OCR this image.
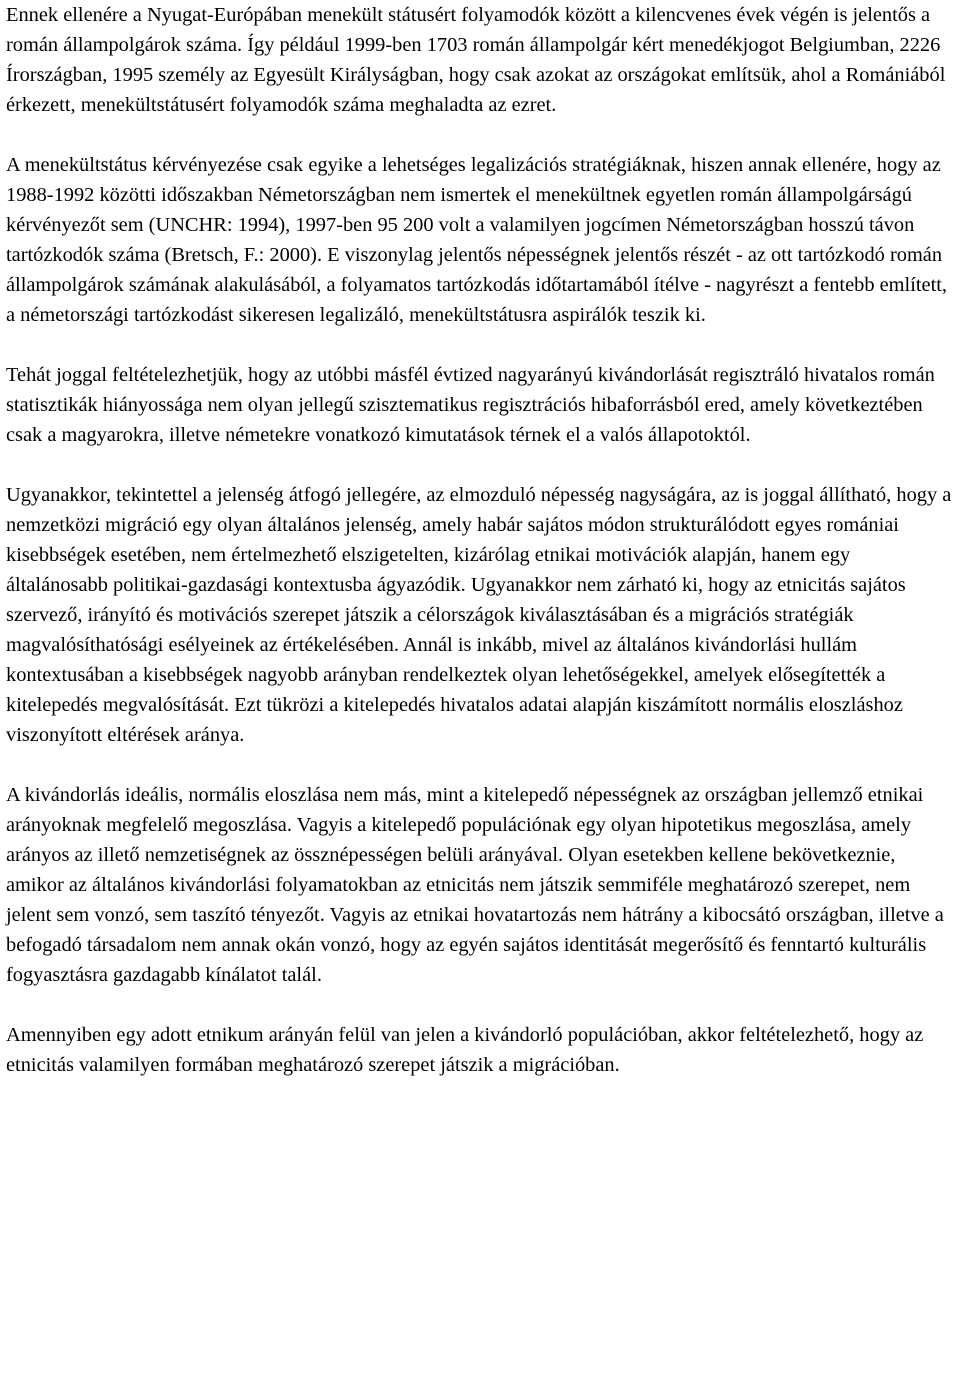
Ennek ellenére a Nyugat-Európában menekült státusért folyamodók között a kilencvenes évek végén is jelentős a román állampolgárok száma. Így például 1999-ben 1703 román állampolgár kért menedékjogot Belgiumban, 2226 Írországban, 1995 személy az Egyesült Királyságban, hogy csak azokat az országokat említsük, ahol a Romániából érkezett, menekültstátusért folyamodók száma meghaladta az ezret.

A menekültstátus kérvényezése csak egyike a lehetséges legalizációs stratégiáknak, hiszen annak ellenére, hogy az 1988-1992 közötti időszakban Németországban nem ismertek el menekültnek egyetlen román állampolgárságú kérvényezőt sem (UNCHR: 1994), 1997-ben 95 200 volt a valamilyen jogcímen Németországban hosszú távon tartózkodók száma (Bretsch, F.: 2000). E viszonylag jelentős népességnek jelentős részét - az ott tartózkodó román állampolgárok számának alakulásából, a folyamatos tartózkodás időtartamából ítélve - nagyrészt a fentebb említett, a németországi tartózkodást sikeresen legalizáló, menekültstátusra aspirálók teszik ki.

Tehát joggal feltételezhetjük, hogy az utóbbi másfél évtized nagyarányú kivándorlását regisztráló hivatalos román statisztikák hiányossága nem olyan jellegű szisztematikus regisztrációs hibaforrásból ered, amely következtében csak a magyarokra, illetve németekre vonatkozó kimutatások térnek el a valós állapotoktól.

Ugyanakkor, tekintettel a jelenség átfogó jellegére, az elmozduló népesség nagyságára, az is joggal állítható, hogy a nemzetközi migráció egy olyan általános jelenség, amely habár sajátos módon strukturálódott egyes romániai kisebbségek esetében, nem értelmezhető elszigetelten, kizárólag etnikai motivációk alapján, hanem egy általánosabb politikai-gazdasági kontextusba ágyazódik. Ugyanakkor nem zárható ki, hogy az etnicitás sajátos szervező, irányító és motivációs szerepet játszik a célországok kiválasztásában és a migrációs stratégiák magvalósíthatósági esélyeinek az értékelésében. Annál is inkább, mivel az általános kivándorlási hullám kontextusában a kisebbségek nagyobb arányban rendelkeztek olyan lehetőségekkel, amelyek elősegítették a kitelepedés megvalósítását. Ezt tükrözi a kitelepedés hivatalos adatai alapján kiszámított normális eloszláshoz viszonyított eltérések aránya.

A kivándorlás ideális, normális eloszlása nem más, mint a kitelepedő népességnek az országban jellemző etnikai arányoknak megfelelő megoszlása. Vagyis a kitelepedő populációnak egy olyan hipotetikus megoszlása, amely arányos az illető nemzetiségnek az össznépességen belüli arányával. Olyan esetekben kellene bekövetkeznie, amikor az általános kivándorlási folyamatokban az etnicitás nem játszik semmiféle meghatározó szerepet, nem jelent sem vonzó, sem taszító tényezőt. Vagyis az etnikai hovatartozás nem hátrány a kibocsátó országban, illetve a befogadó társadalom nem annak okán vonzó, hogy az egyén sajátos identitását megerősítő és fenntartó kulturális fogyasztásra gazdagabb kínálatot talál.

Amennyiben egy adott etnikum arányán felül van jelen a kivándorló populációban, akkor feltételezhető, hogy az etnicitás valamilyen formában meghatározó szerepet játszik a migrációban.
